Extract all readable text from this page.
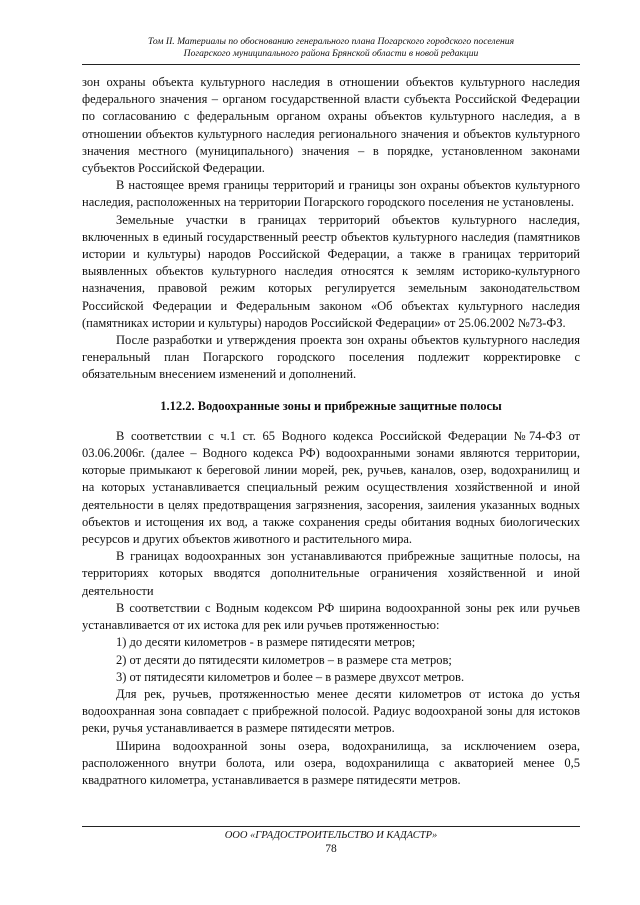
Том II. Материалы по обоснованию генерального плана Погарского городского поселения
Погарского муниципального района Брянской области в новой редакции

зон охраны объекта культурного наследия в отношении объектов культурного наследия федерального значения – органом государственной власти субъекта Российской Федерации по согласованию с федеральным органом охраны объектов культурного наследия, а в отношении объектов культурного наследия регионального значения и объектов культурного значения местного (муниципального) значения – в порядке, установленном законами субъектов Российской Федерации.

В настоящее время границы территорий и границы зон охраны объектов культурного наследия, расположенных на территории Погарского городского поселения не установлены.

Земельные участки в границах территорий объектов культурного наследия, включенных в единый государственный реестр объектов культурного наследия (памятников истории и культуры) народов Российской Федерации, а также в границах территорий выявленных объектов культурного наследия относятся к землям историко-культурного назначения, правовой режим которых регулируется земельным законодательством Российской Федерации и Федеральным законом «Об объектах культурного наследия (памятниках истории и культуры) народов Российской Федерации» от 25.06.2002 №73-ФЗ.

После разработки и утверждения проекта зон охраны объектов культурного наследия генеральный план Погарского городского поселения подлежит корректировке с обязательным внесением изменений и дополнений.

1.12.2. Водоохранные зоны и прибрежные защитные полосы

В соответствии с ч.1 ст. 65 Водного кодекса Российской Федерации №74-ФЗ от 03.06.2006г. (далее – Водного кодекса РФ) водоохранными зонами являются территории, которые примыкают к береговой линии морей, рек, ручьев, каналов, озер, водохранилищ и на которых устанавливается специальный режим осуществления хозяйственной и иной деятельности в целях предотвращения загрязнения, засорения, заиления указанных водных объектов и истощения их вод, а также сохранения среды обитания водных биологических ресурсов и других объектов животного и растительного мира.

В границах водоохранных зон устанавливаются прибрежные защитные полосы, на территориях которых вводятся дополнительные ограничения хозяйственной и иной деятельности

В соответствии с Водным кодексом РФ ширина водоохранной зоны рек или ручьев устанавливается от их истока для рек или ручьев протяженностью:

1) до десяти километров - в размере пятидесяти метров;

2) от десяти до пятидесяти километров – в размере ста метров;

3) от пятидесяти километров и более – в размере двухсот метров.

Для рек, ручьев, протяженностью менее десяти километров от истока до устья водоохранная зона совпадает с прибрежной полосой. Радиус водоохраной зоны для истоков реки, ручья устанавливается в размере пятидесяти метров.

Ширина водоохранной зоны озера, водохранилища, за исключением озера, расположенного внутри болота, или озера, водохранилища с акваторией менее 0,5 квадратного километра, устанавливается в размере пятидесяти метров.

ООО «ГРАДОСТРОИТЕЛЬСТВО И КАДАСТР»
78
